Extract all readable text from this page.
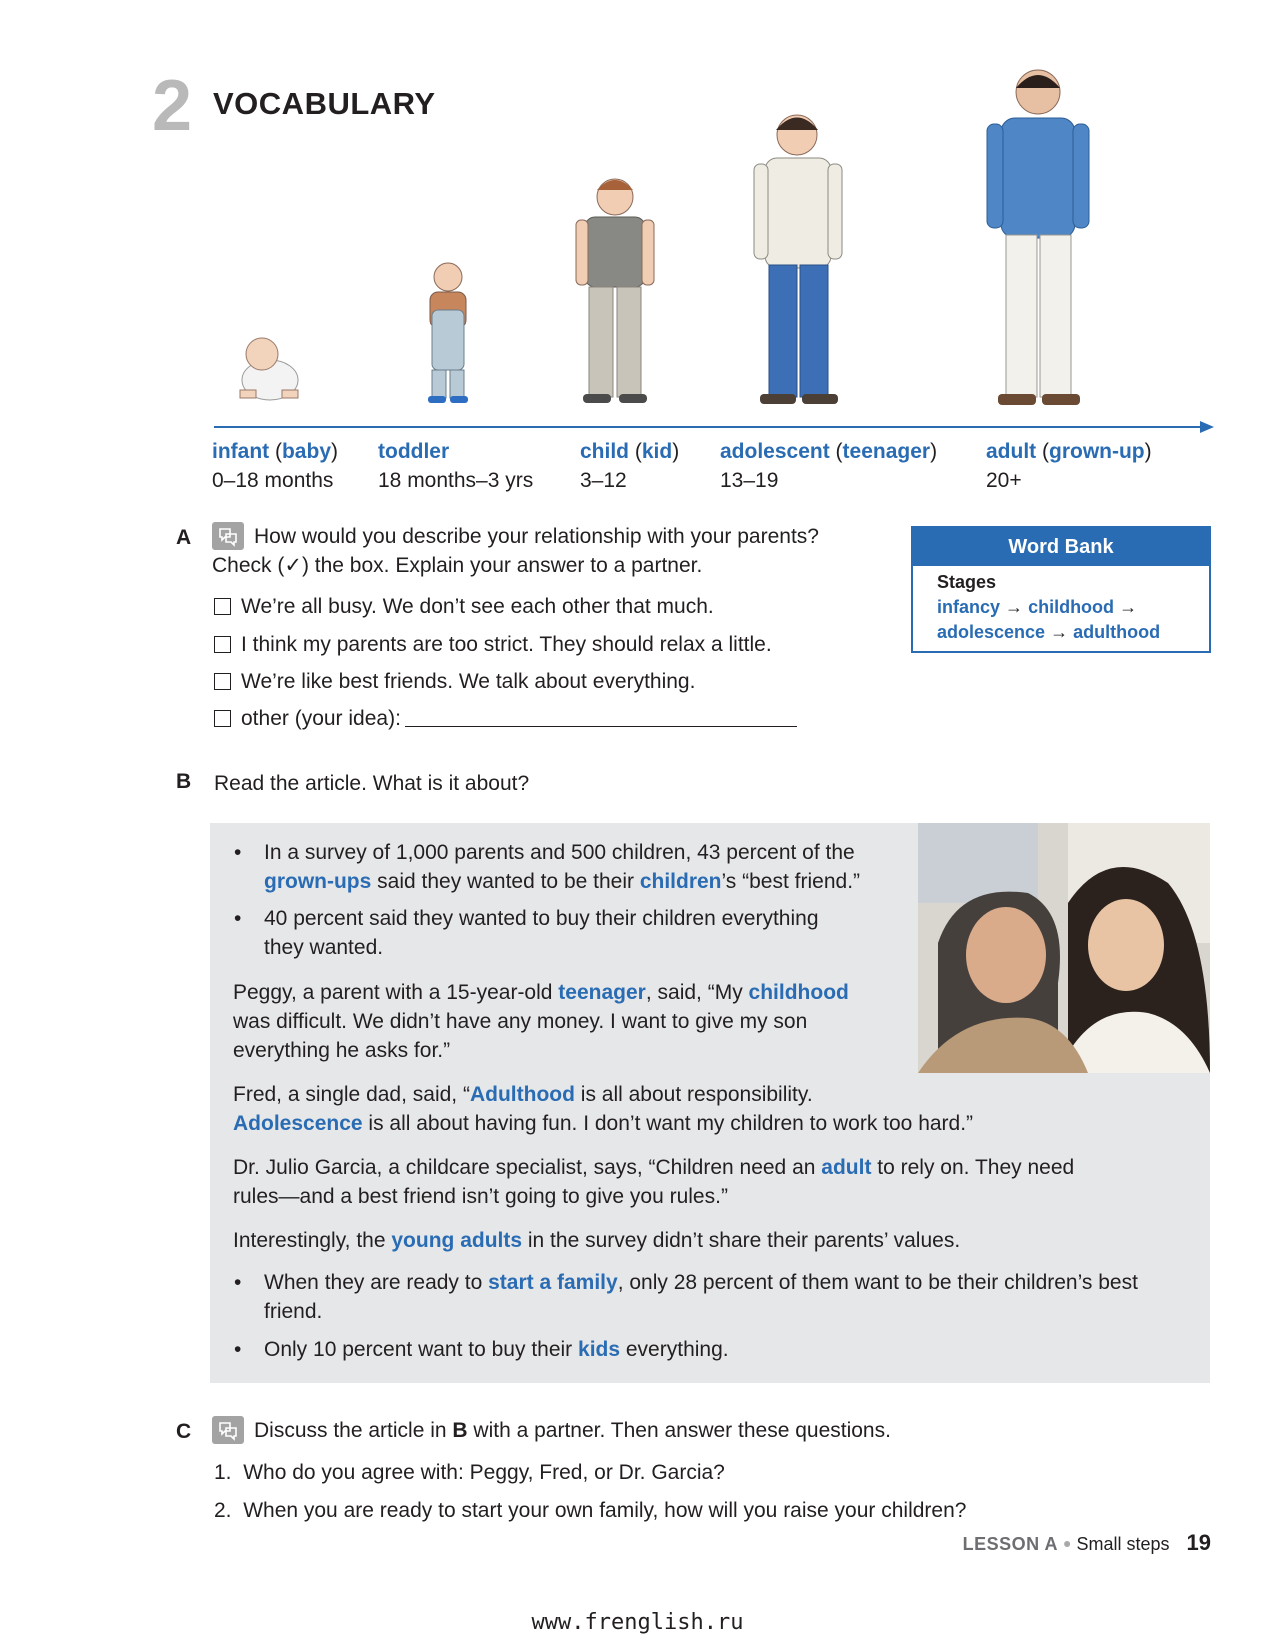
2 VOCABULARY
infant (baby)
0–18 months
toddler
18 months–3 yrs
child (kid)
3–12
adolescent (teenager)
13–19
adult (grown-up)
20+
A	How would you describe your relationship with your parents?
Check (✓) the box. Explain your answer to a partner.
We’re all busy. We don’t see each other that much.
I think my parents are too strict. They should relax a little.
We’re like best friends. We talk about everything.
other (your idea):
Word Bank
Stages
infancy → childhood →
adolescence → adulthood
B Read the article. What is it about?
• In a survey of 1,000 parents and 500 children, 43 percent of the
grown-ups said they wanted to be their children’s “best friend.”
• 40 percent said they wanted to buy their children everything
they wanted.
Peggy, a parent with a 15-year-old teenager, said, “My childhood
was difficult. We didn’t have any money. I want to give my son
everything he asks for.”
Fred, a single dad, said, “Adulthood is all about responsibility.
Adolescence is all about having fun. I don’t want my children to work too hard.”
Dr. Julio Garcia, a childcare specialist, says, “Children need an adult to rely on. They need
rules—and a best friend isn’t going to give you rules.”
Interestingly, the young adults in the survey didn’t share their parents’ values.
• When they are ready to start a family, only 28 percent of them want to be their children’s best
friend.
• Only 10 percent want to buy their kids everything.
C	Discuss the article in B with a partner. Then answer these questions.
1. Who do you agree with: Peggy, Fred, or Dr. Garcia?
2. When you are ready to start your own family, how will you raise your children?
LESSON A ● Small steps 19
www.frenglish.ru
